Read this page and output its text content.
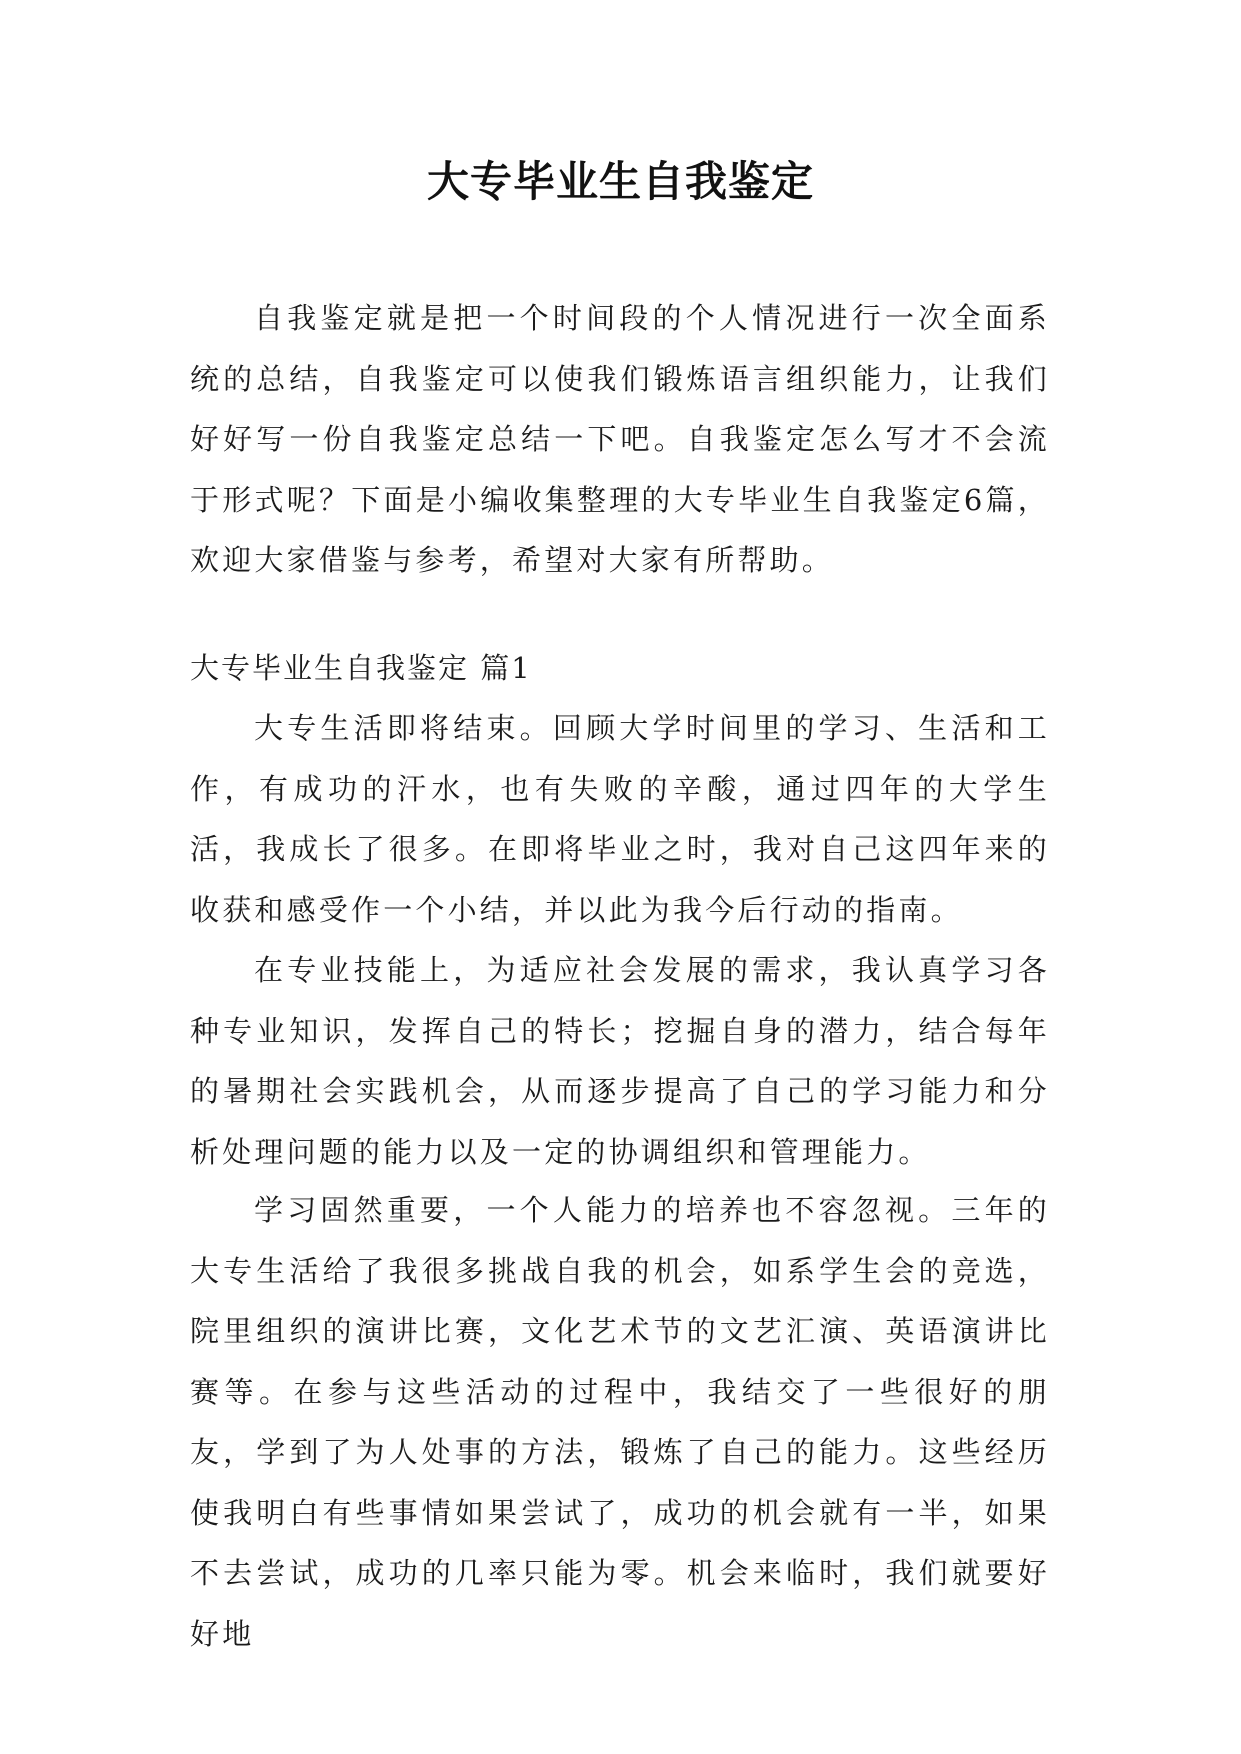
大专毕业生自我鉴定

自我鉴定就是把一个时间段的个人情况进行一次全面系统的总结，自我鉴定可以使我们锻炼语言组织能力，让我们好好写一份自我鉴定总结一下吧。自我鉴定怎么写才不会流于形式呢？下面是小编收集整理的大专毕业生自我鉴定6篇，欢迎大家借鉴与参考，希望对大家有所帮助。

大专毕业生自我鉴定 篇1

大专生活即将结束。回顾大学时间里的学习、生活和工作，有成功的汗水，也有失败的辛酸，通过四年的大学生活，我成长了很多。在即将毕业之时，我对自己这四年来的收获和感受作一个小结，并以此为我今后行动的指南。

在专业技能上，为适应社会发展的需求，我认真学习各种专业知识，发挥自己的特长；挖掘自身的潜力，结合每年的暑期社会实践机会，从而逐步提高了自己的学习能力和分析处理问题的能力以及一定的协调组织和管理能力。

学习固然重要，一个人能力的培养也不容忽视。三年的大专生活给了我很多挑战自我的机会，如系学生会的竞选，院里组织的演讲比赛，文化艺术节的文艺汇演、英语演讲比赛等。在参与这些活动的过程中，我结交了一些很好的朋友，学到了为人处事的方法，锻炼了自己的能力。这些经历使我明白有些事情如果尝试了，成功的机会就有一半，如果不去尝试，成功的几率只能为零。机会来临时，我们就要好好地
